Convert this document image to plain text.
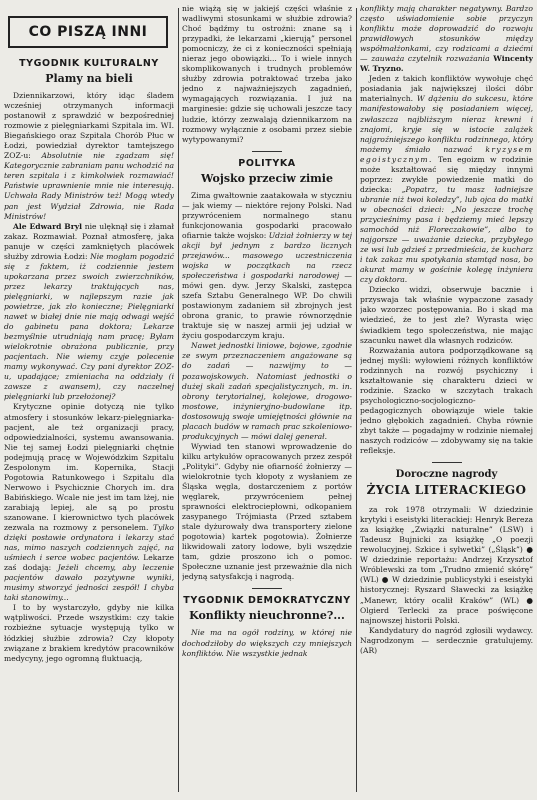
CO PISZĄ INNI
TYGODNIK KULTURALNY
Plamy na bieli

Dziennikarzowi, który idąc śladem wcześniej otrzymanych informacji postanowił z sprawdzić w bezpośredniej rozmowie z pielęgniarkami Szpitala im. WI. Biegańskiego oraz Szpitala Chorób Płuc w Łodzi, powiedział dyrektor tamtejszego ZOZ-u: Absolutnie nie zgadzam się! Kategorycznie zabraniam panu wchodzić na teren szpitala i z kimkolwiek rozmawiać! Państwie uprawnienie mnie nie interesują. Uchwała Rady Ministrów też! Mogą wtedy pan jest Wydział Zdrowia, nie Rada Ministrów!

Ale Edward Bryl nie ulęknął się i złamał zakaz. Rozmawiał. Poznał atmosferę, jaka panuje w części zamkniętych placówek służby zdrowia Łodzi: Nie mogłam pogodzić się z faktem, iż codziennie jestem upokarzana przez swoich zwierzchników, przez lekarzy traktujących nas, pielęgniarki, w najlepszym razie jak powietrze, jak zło konieczne; Pielęgniarki nawet w białej dnie nie mają odwagi wejść do gabinetu pana doktora; Lekarze bezmyślnie utrudniają nam pracę; Byłam wielokrotnie obrażona publicznie, przy pacjentach. Nie wiemy czyje polecenie mamy wykonywać. Czy pani dyrektor ZOZ-u, upadające; zmieniacha na oddziały (i zawsze z awansem), czy naczelnej pielęgniarki lub przełożonej?

Krytyczne opinie dotyczą nie tylko atmosfery i stosunków lekarz-pielęgniarka-pacjent, ale też organizacji pracy, odpowiedzialności, systemu awansowania. Nie tej samej Łodzi pielęgniarki chętnie podejmują pracę w Wojewódzkim Szpitalu Zespolonym im. Kopernika, Stacji Pogotowia Ratunkowego i Szpitalu dla Nerwowo i Psychicznie Chorych im. dra Babińskiego. Wcale nie jest im tam lżej, nie zarabiają lepiej, ale są po prostu szanowane. I kierownictwo tych placówek zezwala na rozmowy z personelem. Tylko dzięki postawie ordynatora i lekarzy stać nas, mimo naszych codziennych zajęć, na uśmiech i serce wobec pacjentów. Lekarze zaś dodają: Jeżeli chcemy, aby leczenie pacjentów dawało pozytywne wyniki, musimy stworzyć jedności zespół! I chyba taki stanowimy...

I to by wystarczyło, gdyby nie kilka wątpliwości. Przede wszystkim: czy takie rozbieżne sytuacje występują tylko w łódzkiej służbie zdrowia? Czy kłopoty związane z brakiem kredytów pracowników medycyny, jego ogromną fluktuacją,

nie wiążą się w jakiejś części właśnie z wadliwymi stosunkami w służbie zdrowia? Choć bądźmy tu ostrożni: znane są i przypadki, że lekarzami „kierują” personel pomocniczy, że ci z konieczności spełniają nieraz jego obowiązki... To i wiele innych skomplikowanych i trudnych problemów służby zdrowia potraktować trzeba jako jedno z najważniejszych zagadnień, wymagających rozwiązania. I już na marginesie: gdzie się uchowali jeszcze tacy ludzie, którzy zezwalają dziennikarzom na rozmowy wyłącznie z osobami przez siebie wytypowanymi?

POLITYKA
Wojsko przeciw zimie

Zima gwałtownie zaatakowała w styczniu — jak wiemy — niektóre rejony Polski. Nad przywróceniem normalnego stanu funkcjonowania gospodarki pracowało ofiarnie także wojsko: Udział żołnierzy w tej akcji był jednym z bardzo licznych przejawów... masowego uczestniczenia wojska w początkach na rzecz społeczeństwa i gospodarki narodowej — mówi gen. dyw. Jerzy Skalski, zastępca szefa Sztabu Generalnego WP. Do chwili postawionym zadaniem sił zbrojnych jest obrona granic, to prawie równorzędnie traktuje się w naszej armii jej udział w życiu gospodarczym kraju.

Nawet jednostki liniowe, bojowe, zgodnie ze swym przeznaczeniem angażowane są do zadań — nazwijmy to — pozawojskowych. Natomiast jednostki o dużej skali zadań specjalistycznych, m. in. obrony terytorialnej, kolejowe, drogowo-mostowe, inżynieryjno-budowlane itp. dostosowują swoje umiejętności głównie na placach budów w ramach prac szkoleniowo-produkcyjnych — mówi dalej generał.

Wywiad ten stanowi wprowadzenie do kilku artykułów opracowanych przez zespół „Polityki”. Gdyby nie ofiarność żołnierzy — wielokrotnie tych kłopoty z wysłaniem ze Śląska węgla, dostarczeniem z portów węglarek, przywróceniem pełnej sprawności elektrociepłowni, odkopaniem zasypanego Trójmiasta (Przed sztabem stale dyżurowały dwa transportery zielone pogotowia) kartek pogotowia). Żołnierze likwidowali zatory lodowe, byli wszędzie tam, gdzie proszono ich o pomoc. Społeczne uznanie jest przeważnie dla nich jedyną satysfakcją i nagrodą.

TYGODNIK DEMOKRATYCZNY
Konflikty nieuchronne?...

Nie ma na ogół rodziny, w której nie dochodziłoby do większych czy mniejszych konfliktów. Nie wszystkie jednak

konflikty mają charakter negatywny. Bardzo często uświadomienie sobie przyczyn konfliktu może doprowadzić do rozwoju prawidłowych stosunków między współmałżonkami, czy rodzicami a dziećmi — zauważa czytelnik rozważania Wincenty W. Tryzno.

Jeden z takich konfliktów wywołuje chęć posiadania jak największej ilości dóbr materialnych. W dążeniu do sukcesu, które manifestowałoby się posiadaniem więcej, zwłaszcza najbliższym nieraz krewni i znajomi, kryje się w istocie zalążek najgroźniejszego konfliktu rodzinnego, który możemy śmiało nazwać kryzysem egoistycznym. Ten egoizm w rodzinie może kształtować się między innymi poprzez: zwykłe powiedzenie matki do dziecka: „Popatrz, tu masz ładniejsze ubranie niż twoi koledzy”, lub ojca do matki w obecności dzieci: „No jeszcze trochę przycieśnimy pasa i będziemy mieć lepszy samochód niż Floreczakowie”, albo to najgorsze — uważanie dziecka, przybyłego ze wsi lub gdzieś z przedmieścia, że kucharz i tak zakaz mu spotykania stamtąd nosa, bo akurat mamy w gościnie kolegę inżyniera czy doktora.

Dziecko widzi, obserwuje bacznie i przyswaja tak właśnie wypaczone zasady jako wzorzec postępowania. Bo i skąd ma wiedzieć, że to jest złe? Wyrasta więc świadkiem tego społeczeństwa, nie mając szacunku nawet dla własnych rodziców.

Rozważania autora podporządkowane są jednej myśli: wyłowieni różnych konfliktów rodzinnych na rozwój psychiczny i kształtowanie się charakteru dzieci w rodzinie. Szacko w szczytach trakach psychologiczno-socjologiczno-pedagogicznych obowiązuje wiele takie jedno głębokich zagadnień. Chyba równie zbyt także — pogadajmy w rodzinie niemałej naszych rodziców — zdobywamy się na takie refleksje.

Doroczne nagrody
ŻYCIA LITERACKIEGO

za rok 1978 otrzymali: W dziedzinie krytyki i eseistyki literackiej: Henryk Bereza za książkę „Związki naturalne” (LSW) i Tadeusz Bujnicki za książkę „O poezji rewolucyjnej. Szkice i sylwetki” („Śląsk”) ● W dziedzinie reportażu: Andrzej Krzysztof Wróblewski za tom „Trudno zmienić skórę” (WL) ● W dziedzinie publicystyki i eseistyki historycznej: Ryszard Sławecki za książkę „Manewr, który ocalił Kraków” (WL) ● Olgierd Terlecki za prace poświęcone najnowszej historii Polski.

Kandydatury do nagród zgłosili wydawcy. Nagrodzonym — serdecznie gratulujemy. (AR)
